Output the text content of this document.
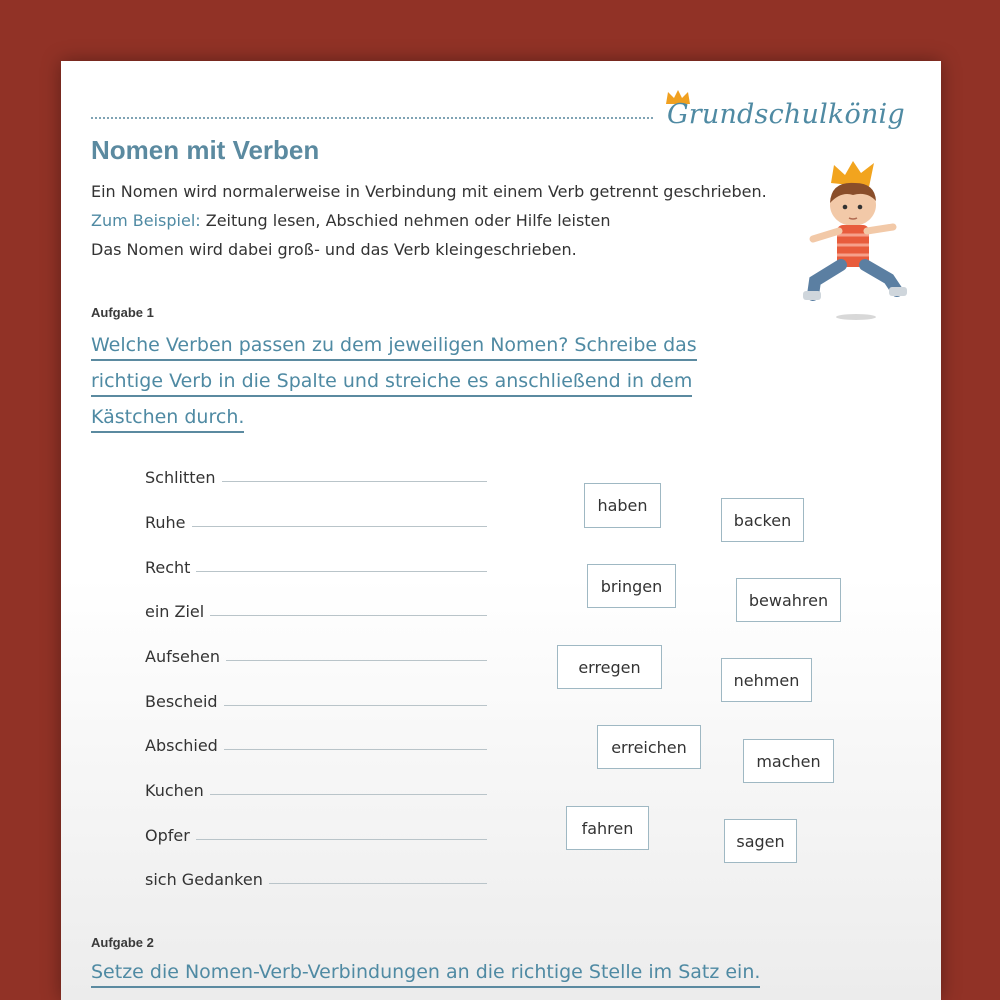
Grundschulkönig
Nomen mit Verben
Ein Nomen wird normalerweise in Verbindung mit einem Verb getrennt geschrieben.
Zum Beispiel: Zeitung lesen, Abschied nehmen oder Hilfe leisten
Das Nomen wird dabei groß- und das Verb kleingeschrieben.
Aufgabe 1
Welche Verben passen zu dem jeweiligen Nomen? Schreibe das
richtige Verb in die Spalte und streiche es anschließend in dem
Kästchen durch.
Schlitten
Ruhe
Recht
ein Ziel
Aufsehen
Bescheid
Abschied
Kuchen
Opfer
sich Gedanken
haben
backen
bringen
bewahren
erregen
nehmen
erreichen
machen
fahren
sagen
Aufgabe 2
Setze die Nomen-Verb-Verbindungen an die richtige Stelle im Satz ein.
